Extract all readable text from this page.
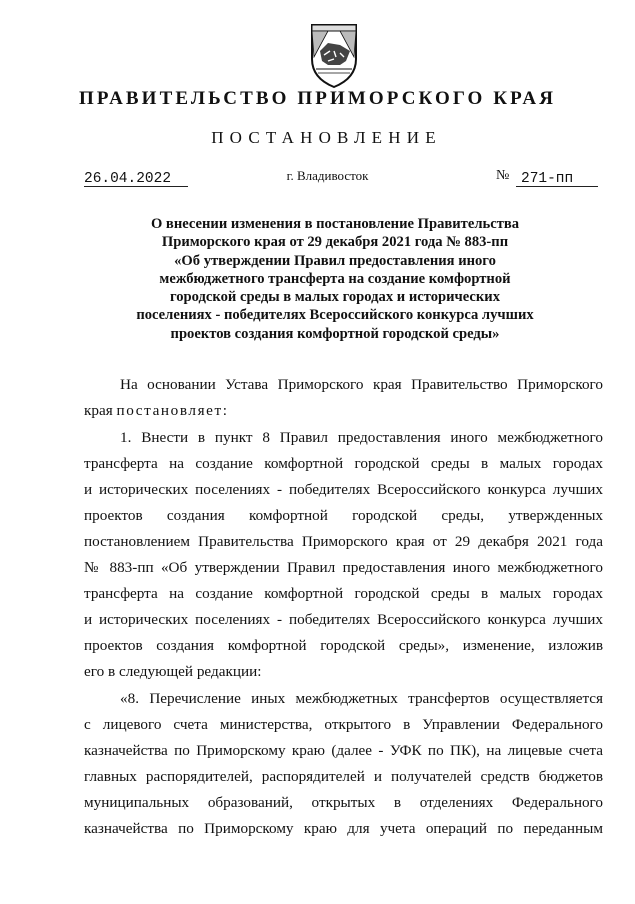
ПРАВИТЕЛЬСТВО ПРИМОРСКОГО КРАЯ
ПОСТАНОВЛЕНИЕ
26.04.2022	г. Владивосток	№ 271-пп
О внесении изменения в постановление Правительства
Приморского края от 29 декабря 2021 года № 883-пп
«Об утверждении Правил предоставления иного
межбюджетного трансферта на создание комфортной
городской среды в малых городах и исторических
поселениях - победителях Всероссийского конкурса лучших
проектов создания комфортной городской среды»
На основании Устава Приморского края Правительство Приморского
края постановляет:
1. Внести в пункт 8 Правил предоставления иного межбюджетного
трансферта на создание комфортной городской среды в малых городах
и исторических поселениях - победителях Всероссийского конкурса лучших
проектов создания комфортной городской среды, утвержденных
постановлением Правительства Приморского края от 29 декабря 2021 года
№ 883-пп «Об утверждении Правил предоставления иного межбюджетного
трансферта на создание комфортной городской среды в малых городах
и исторических поселениях - победителях Всероссийского конкурса лучших
проектов создания комфортной городской среды», изменение, изложив
его в следующей редакции:
«8. Перечисление иных межбюджетных трансфертов осуществляется
с лицевого счета министерства, открытого в Управлении Федерального
казначейства по Приморскому краю (далее - УФК по ПК), на лицевые счета
главных распорядителей, распорядителей и получателей средств бюджетов
муниципальных образований, открытых в отделениях Федерального
казначейства по Приморскому краю для учета операций по переданным
